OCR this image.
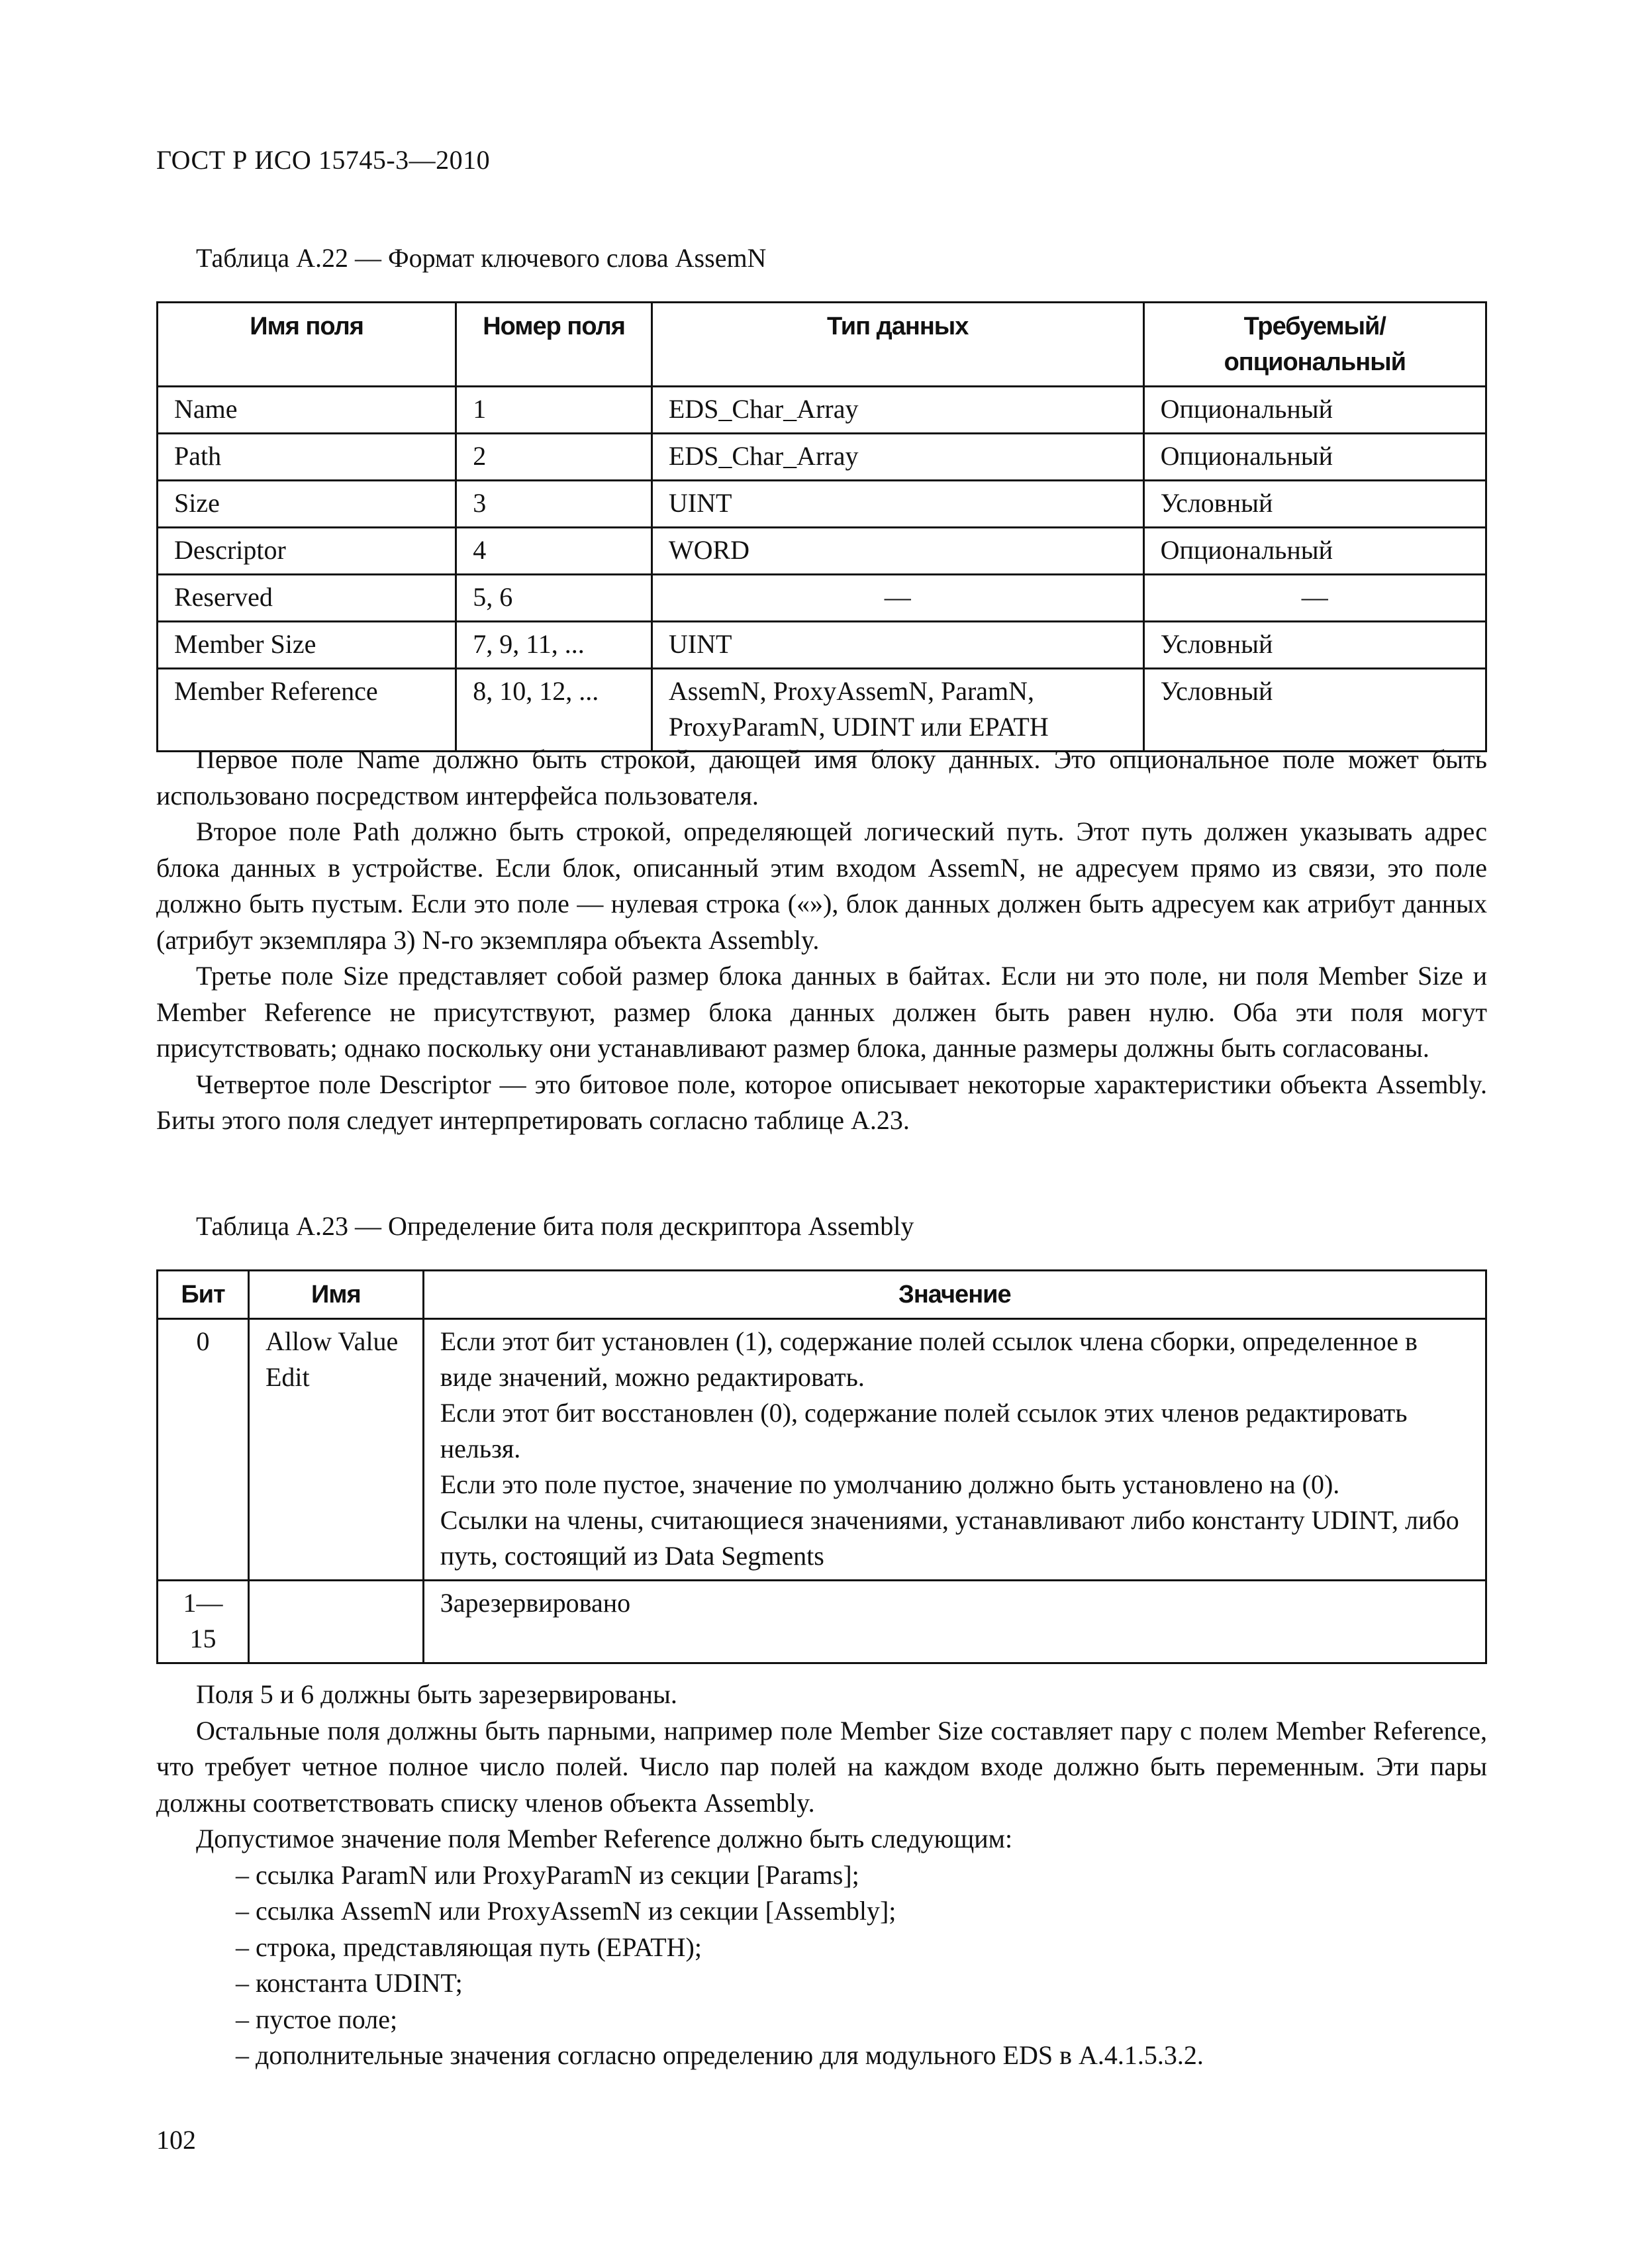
ГОСТ Р ИСО 15745-3—2010
Таблица А.22 — Формат ключевого слова AssemN
Имя поля	Номер поля	Тип данных	Требуемый/опциональный
Name	1	EDS_Char_Array	Опциональный
Path	2	EDS_Char_Array	Опциональный
Size	3	UINT	Условный
Descriptor	4	WORD	Опциональный
Reserved	5, 6	—	—
Member Size	7, 9, 11, ...	UINT	Условный
Member Reference	8, 10, 12, ...	AssemN, ProxyAssemN, ParamN, ProxyParamN, UDINT или EPATH	Условный

Первое поле Name должно быть строкой, дающей имя блоку данных. Это опциональное поле может быть использовано посредством интерфейса пользователя.

Второе поле Path должно быть строкой, определяющей логический путь. Этот путь должен указывать адрес блока данных в устройстве. Если блок, описанный этим входом AssemN, не адресуем прямо из связи, это поле должно быть пустым. Если это поле — нулевая строка («»), блок данных должен быть адресуем как атрибут данных (атрибут экземпляра 3) N-го экземпляра объекта Assembly.

Третье поле Size представляет собой размер блока данных в байтах. Если ни это поле, ни поля Member Size и Member Reference не присутствуют, размер блока данных должен быть равен нулю. Оба эти поля могут присутствовать; однако поскольку они устанавливают размер блока, данные размеры должны быть согласованы.

Четвертое поле Descriptor — это битовое поле, которое описывает некоторые характеристики объекта Assembly. Биты этого поля следует интерпретировать согласно таблице А.23.

Таблица А.23 — Определение бита поля дескриптора Assembly
Бит	Имя	Значение
0	Allow Value Edit	Если этот бит установлен (1), содержание полей ссылок члена сборки, определенное в виде значений, можно редактировать.
Если этот бит восстановлен (0), содержание полей ссылок этих членов редактировать нельзя.
Если это поле пустое, значение по умолчанию должно быть установлено на (0).
Ссылки на члены, считающиеся значениями, устанавливают либо константу UDINT, либо путь, состоящий из Data Segments

1—15		Зарезервировано

Поля 5 и 6 должны быть зарезервированы.

Остальные поля должны быть парными, например поле Member Size составляет пару с полем Member Reference, что требует четное полное число полей. Число пар полей на каждом входе должно быть переменным. Эти пары должны соответствовать списку членов объекта Assembly.

Допустимое значение поля Member Reference должно быть следующим:

– ссылка ParamN или ProxyParamN из секции [Params];

– ссылка AssemN или ProxyAssemN из секции [Assembly];

– строка, представляющая путь (EPATH);

– константа UDINT;

– пустое поле;

– дополнительные значения согласно определению для модульного EDS в А.4.1.5.3.2.

102
